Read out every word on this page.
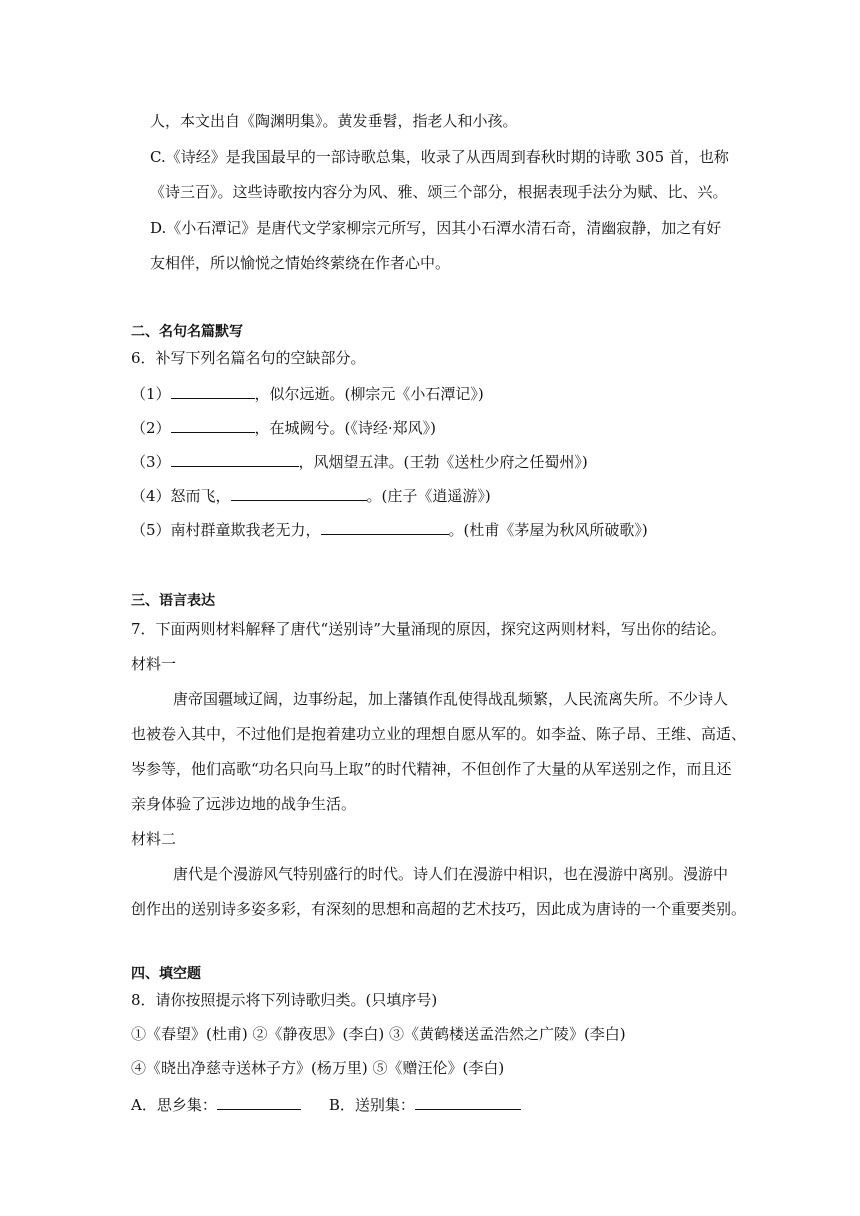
人，本文出自《陶渊明集》。黄发垂髫，指老人和小孩。
C.《诗经》是我国最早的一部诗歌总集，收录了从西周到春秋时期的诗歌 305 首，也称
《诗三百》。这些诗歌按内容分为风、雅、颂三个部分，根据表现手法分为赋、比、兴。
D.《小石潭记》是唐代文学家柳宗元所写，因其小石潭水清石奇，清幽寂静，加之有好
友相伴，所以愉悦之情始终萦绕在作者心中。
二、名句名篇默写
6．补写下列名篇名句的空缺部分。
（1）	，似尔远逝。(柳宗元《小石潭记》)
（2）	，在城阙兮。(《诗经·郑风》)
（3）	，风烟望五津。(王勃《送杜少府之任蜀州》)
（4）怒而飞，	。(庄子《逍遥游》)
（5）南村群童欺我老无力，	。(杜甫《茅屋为秋风所破歌》)
三、语言表达
7．下面两则材料解释了唐代“送别诗”大量涌现的原因，探究这两则材料，写出你的结论。
材料一
唐帝国疆域辽阔，边事纷起，加上藩镇作乱使得战乱频繁，人民流离失所。不少诗人
也被卷入其中，不过他们是抱着建功立业的理想自愿从军的。如李益、陈子昂、王维、高适、
岑参等，他们高歌“功名只向马上取”的时代精神，不但创作了大量的从军送别之作，而且还
亲身体验了远涉边地的战争生活。
材料二
唐代是个漫游风气特别盛行的时代。诗人们在漫游中相识，也在漫游中离别。漫游中
创作出的送别诗多姿多彩，有深刻的思想和高超的艺术技巧，因此成为唐诗的一个重要类别。
四、填空题
8．请你按照提示将下列诗歌归类。(只填序号)
①《春望》(杜甫) ②《静夜思》(李白) ③《黄鹤楼送孟浩然之广陵》(李白)
④《晓出净慈寺送林子方》(杨万里) ⑤《赠汪伦》(李白)
A．思乡集：	B．送别集：
